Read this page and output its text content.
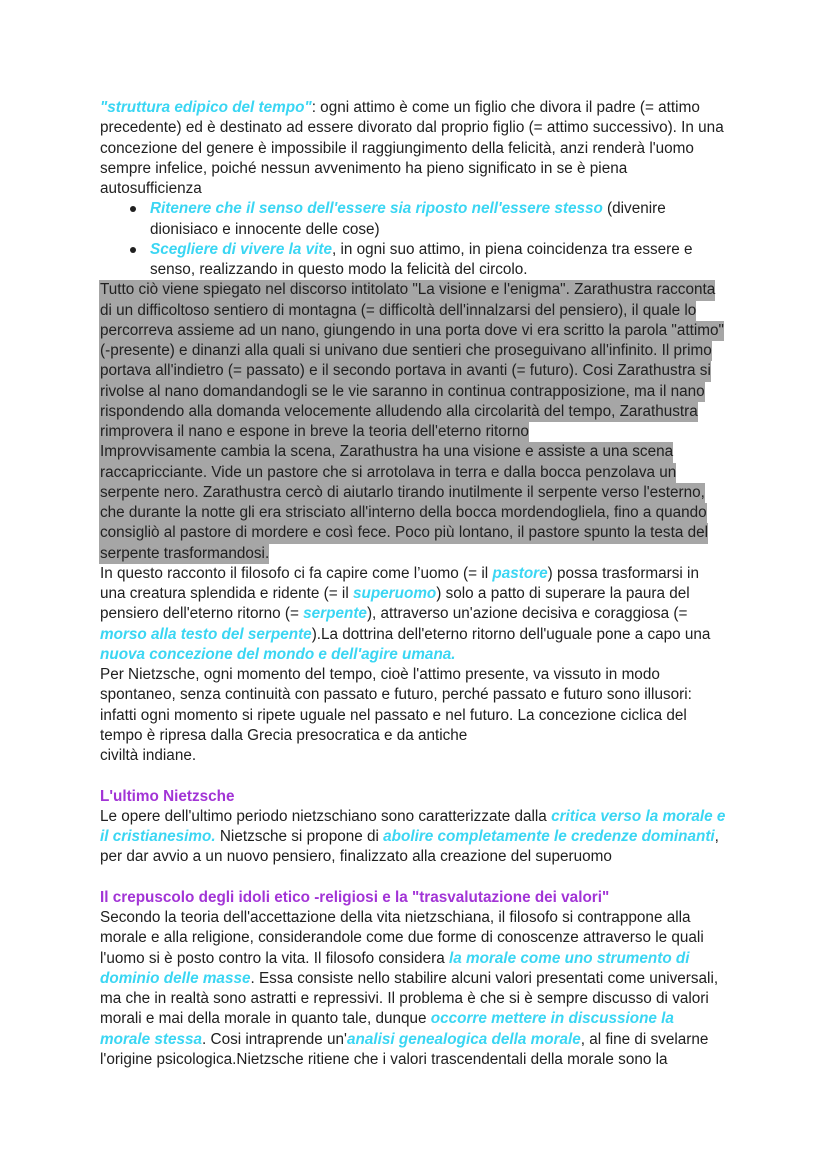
"struttura edipico del tempo": ogni attimo è come un figlio che divora il padre (= attimo
precedente) ed è destinato ad essere divorato dal proprio figlio (= attimo successivo). In una
concezione del genere è impossibile il raggiungimento della felicità, anzi renderà l'uomo
sempre infelice, poiché nessun avvenimento ha pieno significato in se è piena
autosufficienza
Ritenere che il senso dell'essere sia riposto nell'essere stesso (divenire
dionisiaco e innocente delle cose)
Scegliere di vivere la vite, in ogni suo attimo, in piena coincidenza tra essere e
senso, realizzando in questo modo la felicità del circolo.
Tutto ciò viene spiegato nel discorso intitolato "La visione e l'enigma". Zarathustra racconta
di un difficoltoso sentiero di montagna (= difficoltà dell'innalzarsi del pensiero), il quale lo
percorreva assieme ad un nano, giungendo in una porta dove vi era scritto la parola "attimo"
(-presente) e dinanzi alla quali si univano due sentieri che proseguivano all'infinito. Il primo
portava all'indietro (= passato) e il secondo portava in avanti (= futuro). Cosi Zarathustra si
rivolse al nano domandandogli se le vie saranno in continua contrapposizione, ma il nano
rispondendo alla domanda velocemente alludendo alla circolarità del tempo, Zarathustra
rimprovera il nano e espone in breve la teoria dell'eterno ritorno
Improvvisamente cambia la scena, Zarathustra ha una visione e assiste a una scena
raccapricciante. Vide un pastore che si arrotolava in terra e dalla bocca penzolava un
serpente nero. Zarathustra cercò di aiutarlo tirando inutilmente il serpente verso l'esterno,
che durante la notte gli era strisciato all'interno della bocca mordendogliela, fino a quando
consigliò al pastore di mordere e così fece. Poco più lontano, il pastore spunto la testa del
serpente trasformandosi.
In questo racconto il filosofo ci fa capire come l’uomo (= il pastore) possa trasformarsi in
una creatura splendida e ridente (= il superuomo) solo a patto di superare la paura del
pensiero dell'eterno ritorno (= serpente), attraverso un'azione decisiva e coraggiosa (=
morso alla testo del serpente).La dottrina dell'eterno ritorno dell'uguale pone a capo una
nuova concezione del mondo e dell'agire umana.
Per Nietzsche, ogni momento del tempo, cioè l'attimo presente, va vissuto in modo
spontaneo, senza continuità con passato e futuro, perché passato e futuro sono illusori:
infatti ogni momento si ripete uguale nel passato e nel futuro. La concezione ciclica del
tempo è ripresa dalla Grecia presocratica e da antiche
civiltà indiane.
L'ultimo Nietzsche
Le opere dell'ultimo periodo nietzschiano sono caratterizzate dalla critica verso la morale e
il cristianesimo. Nietzsche si propone di abolire completamente le credenze dominanti,
per dar avvio a un nuovo pensiero, finalizzato alla creazione del superuomo
Il crepuscolo degli idoli etico -religiosi e la "trasvalutazione dei valori"
Secondo la teoria dell'accettazione della vita nietzschiana, il filosofo si contrappone alla
morale e alla religione, considerandole come due forme di conoscenze attraverso le quali
l'uomo si è posto contro la vita. Il filosofo considera la morale come uno strumento di
dominio delle masse. Essa consiste nello stabilire alcuni valori presentati come universali,
ma che in realtà sono astratti e repressivi. Il problema è che si è sempre discusso di valori
morali e mai della morale in quanto tale, dunque occorre mettere in discussione la
morale stessa. Cosi intraprende un'analisi genealogica della morale, al fine di svelarne
l'origine psicologica.Nietzsche ritiene che i valori trascendentali della morale sono la
